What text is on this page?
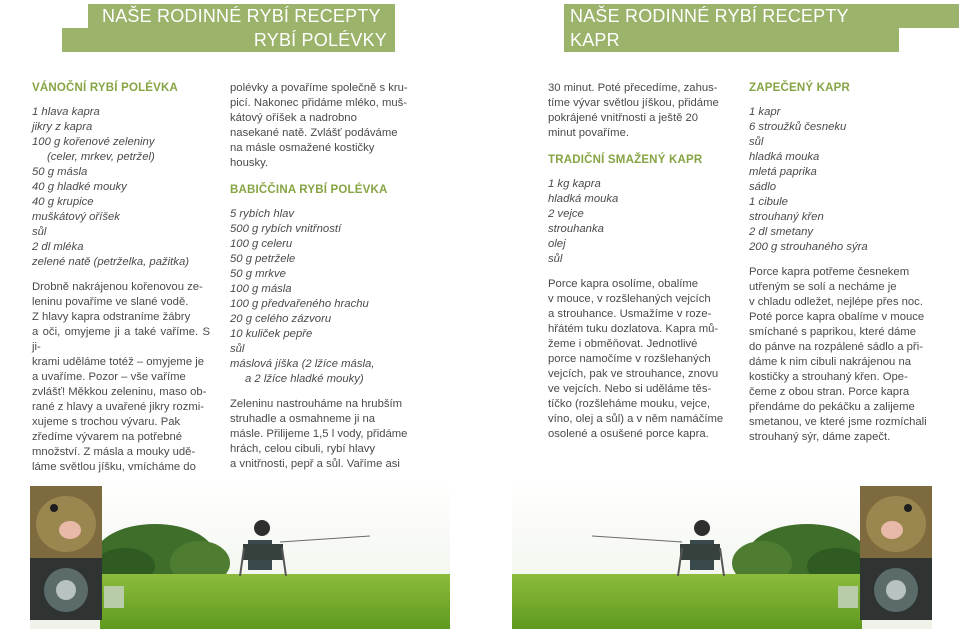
NAŠE RODINNÉ RYBÍ RECEPTY
RYBÍ POLÉVKY
VÁNOČNÍ RYBÍ POLÉVKA

1 hlava kapra

jikry z kapra

100 g kořenové zeleniny

(celer, mrkev, petržel)

50 g másla

40 g hladké mouky

40 g krupice

muškátový oříšek

sůl

2 dl mléka

zelené natě (petrželka, pažitka)

Drobně nakrájenou kořenovou ze-

leninu povaříme ve slané vodě.

Z hlavy kapra odstraníme žábry

a oči, omyjeme ji a také vaříme. S ji-

krami uděláme totéž – omyjeme je

a uvaříme. Pozor – vše vaříme

zvlášť! Měkkou zeleninu, maso ob-

rané z hlavy a uvařené jikry rozmi-

xujeme s trochou vývaru. Pak

zředíme vývarem na potřebné

množství. Z másla a mouky udě-

láme světlou jíšku, vmícháme do

polévky a povaříme společně s kru-

picí. Nakonec přidáme mléko, muš-

kátový oříšek a nadrobno

nasekané natě. Zvlášť podáváme

na másle osmažené kostičky

housky.

BABIČČINA RYBÍ POLÉVKA

5 rybích hlav

500 g rybích vnitřností

100 g celeru

50 g petržele

50 g mrkve

100 g másla

100 g předvařeného hrachu

20 g celého zázvoru

10 kuliček pepře

sůl

máslová jíška (2 lžíce másla,

a 2 lžíce hladké mouky)

Zeleninu nastrouháme na hrubším

struhadle a osmahneme ji na

másle. Přilijeme 1,5 l vody, přidáme

hrách, celou cibuli, rybí hlavy

a vnitřnosti, pepř a sůl. Vaříme asi

NAŠE RODINNÉ RYBÍ RECEPTY
KAPR

30 minut. Poté přecedíme, zahus-

tíme vývar světlou jíškou, přidáme

pokrájené vnitřnosti a ještě 20

minut povaříme.

TRADIČNÍ SMAŽENÝ KAPR

1 kg kapra

hladká mouka

2 vejce

strouhanka

olej

sůl

Porce kapra osolíme, obalíme

v mouce, v rozšlehaných vejcích

a strouhance. Usmažíme v roze-

hřátém tuku dozlatova. Kapra mů-

žeme i obměňovat. Jednotlivé

porce namočíme v rozšlehaných

vejcích, pak ve strouhance, znovu

ve vejcích. Nebo si uděláme těs-

tíčko (rozšleháme mouku, vejce,

víno, olej a sůl) a v něm namáčíme

osolené a osušené porce kapra.

ZAPEČENÝ KAPR

1 kapr

6 stroužků česneku

sůl

hladká mouka

mletá paprika

sádlo

1 cibule

strouhaný křen

2 dl smetany

200 g strouhaného sýra

Porce kapra potřeme česnekem

utřeným se solí a necháme je

v chladu odležet, nejlépe přes noc.

Poté porce kapra obalíme v mouce

smíchané s paprikou, které dáme

do pánve na rozpálené sádlo a při-

dáme k nim cibuli nakrájenou na

kostičky a strouhaný křen. Ope-

čeme z obou stran. Porce kapra

přendáme do pekáčku a zalijeme

smetanou, ve které jsme rozmíchali

strouhaný sýr, dáme zapečt.
